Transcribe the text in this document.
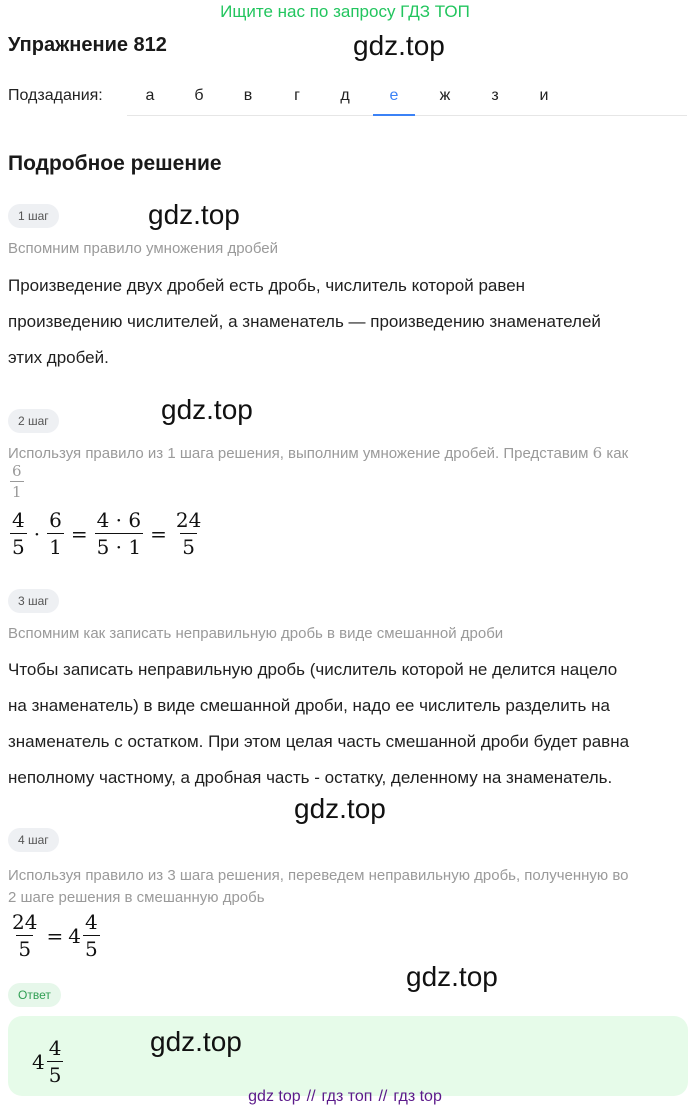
Ищите нас по запросу ГДЗ ТОП
Упражнение 812	gdz.top
Подзадания:	а	б	в	г	д	е	ж	з	и
Подробное решение
1 шаг	gdz.top
Вспомним правило умножения дробей
Произведение двух дробей есть дробь, числитель которой равен
произведению числителей, а знаменатель — произведению знаменателей
этих дробей.
2 шаг	gdz.top
Используя правило из 1 шага решения, выполним умножение дробей. Представим 6 как
$\frac{6}{1}$
$\frac{4}{5} \cdot \frac{6}{1} = \frac{4 \cdot 6}{5 \cdot 1} = \frac{24}{5}$
3 шаг
Вспомним как записать неправильную дробь в виде смешанной дроби
Чтобы записать неправильную дробь (числитель которой не делится нацело
на знаменатель) в виде смешанной дроби, надо ее числитель разделить на
знаменатель с остатком. При этом целая часть смешанной дроби будет равна
неполному частному, а дробная часть - остатку, деленному на знаменатель.
gdz.top
4 шаг
Используя правило из 3 шага решения, переведем неправильную дробь, полученную во
2 шаге решения в смешанную дробь
$\frac{24}{5} = 4 \frac{4}{5}$
gdz.top
Ответ
gdz.top
$4 \frac{4}{5}$
gdz top // гдз топ // гдз top
